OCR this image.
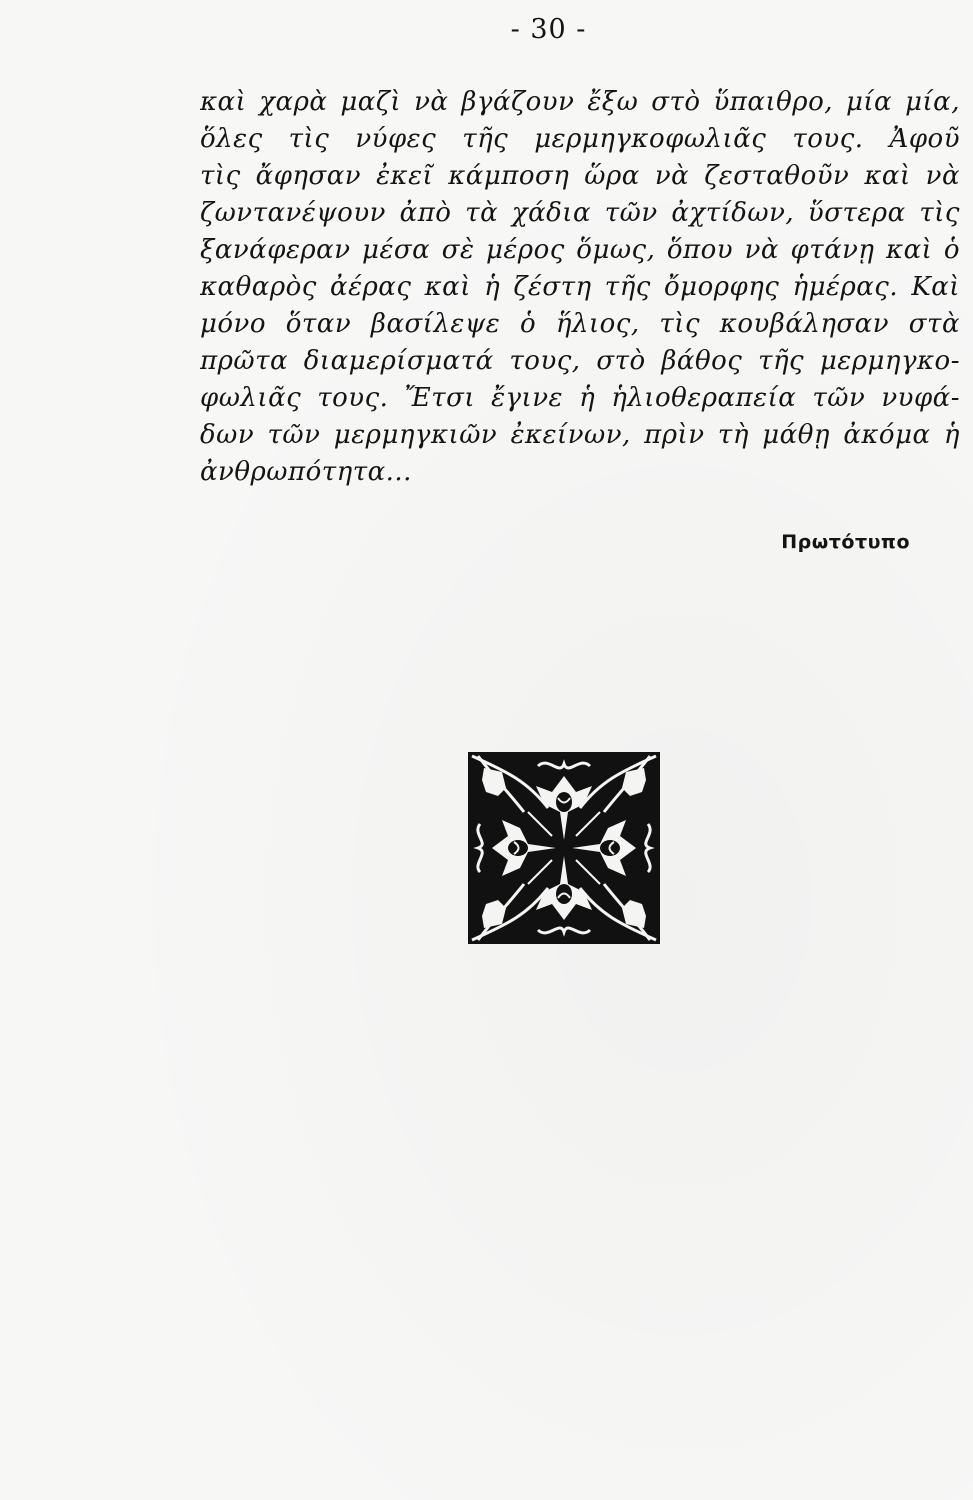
- 30 -
καὶ χαρὰ μαζὶ νὰ βγάζουν ἔξω στὸ ὕπαιθρο, μία μία,
ὅλες τὶς νύφες τῆς μερμηγκοφωλιᾶς τους. Ἀφοῦ
τὶς ἄφησαν ἐκεῖ κάμποση ὥρα νὰ ζεσταθοῦν καὶ νὰ
ζωντανέψουν ἀπὸ τὰ χάδια τῶν ἀχτίδων, ὕστερα τὶς
ξανάφεραν μέσα σὲ μέρος ὅμως, ὅπου νὰ φτάνῃ καὶ ὁ
καθαρὸς ἀέρας καὶ ἡ ζέστη τῆς ὄμορφης ἡμέρας. Καὶ
μόνο ὅταν βασίλεψε ὁ ἥλιος, τὶς κουβάλησαν στὰ
πρῶτα διαμερίσματά τους, στὸ βάθος τῆς μερμηγκο-
φωλιᾶς τους. Ἔτσι ἔγινε ἡ ἡλιοθεραπεία τῶν νυφά-
δων τῶν μερμηγκιῶν ἐκείνων, πρὶν τὴ μάθῃ ἀκόμα ἡ
ἀνθρωπότητα...
Πρωτότυπο
